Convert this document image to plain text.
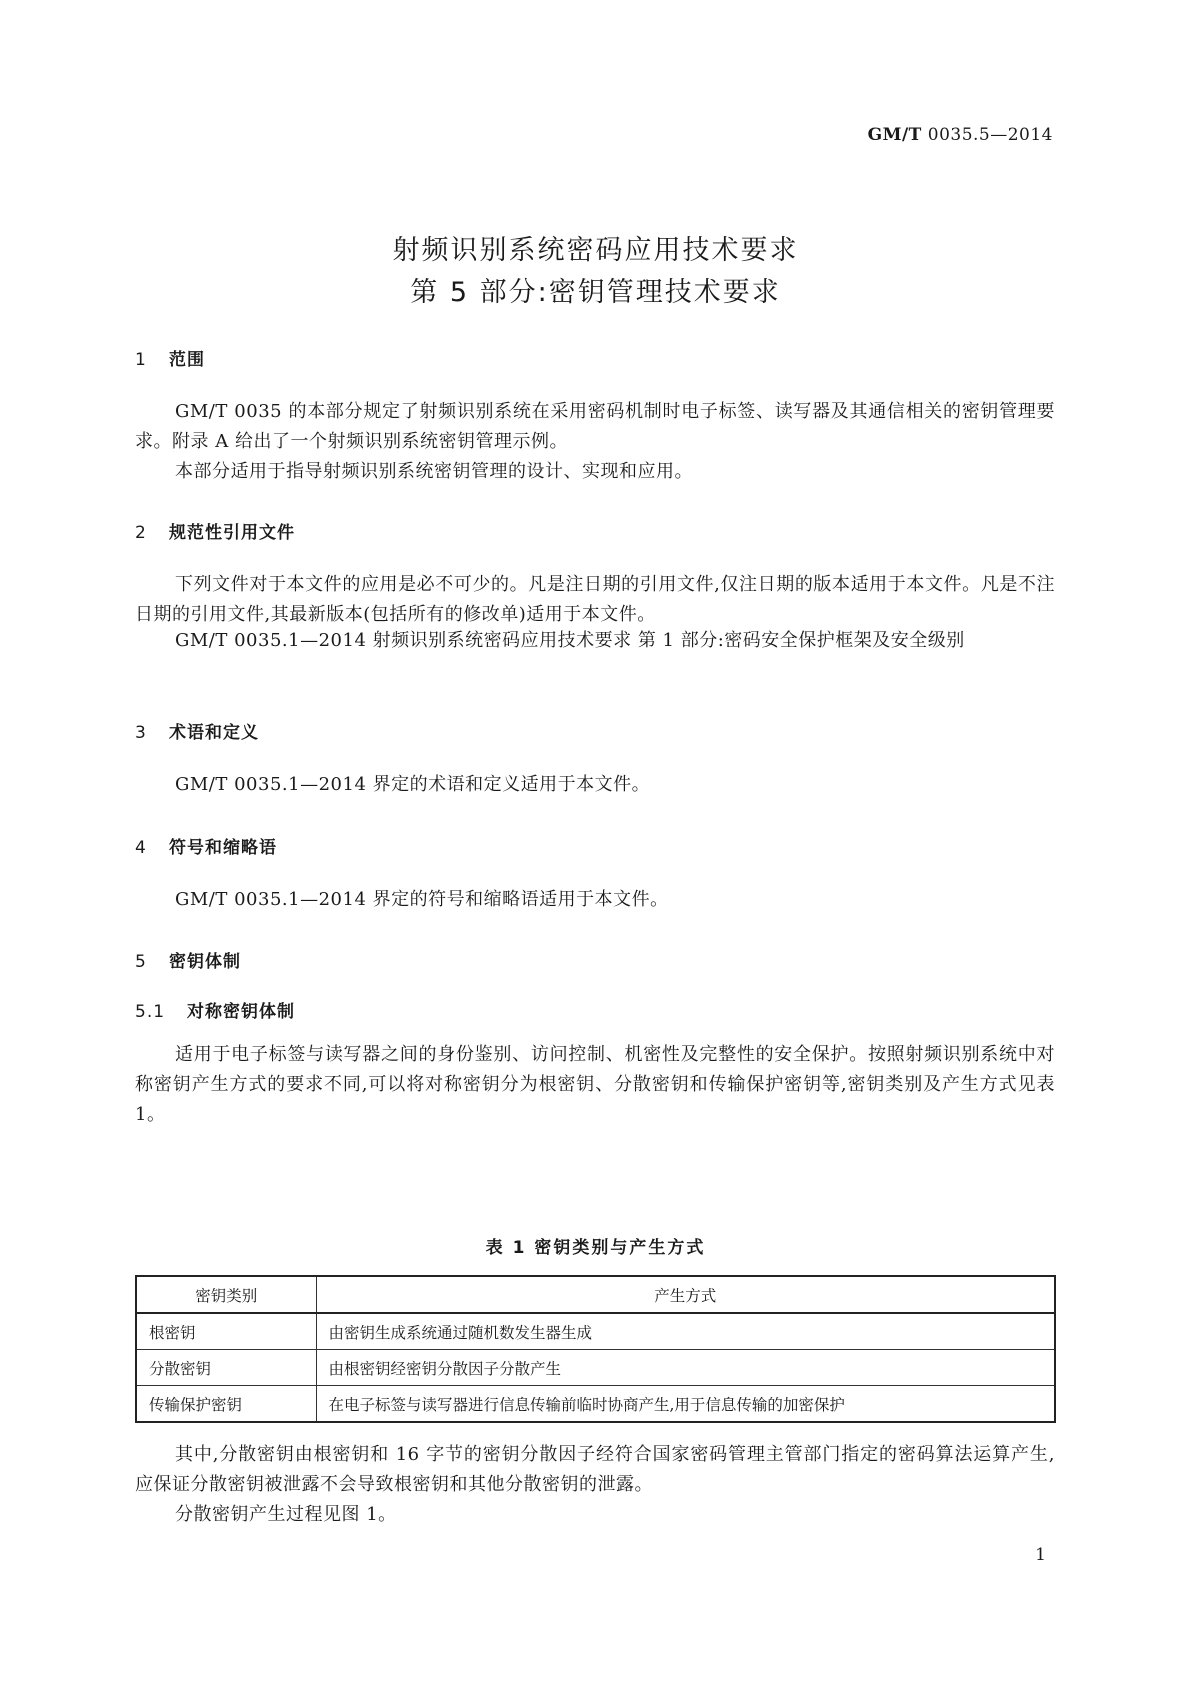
GM/T 0035.5—2014
射频识别系统密码应用技术要求
第 5 部分:密钥管理技术要求
1 范围

GM/T 0035 的本部分规定了射频识别系统在采用密码机制时电子标签、读写器及其通信相关的密钥管理要求。附录 A 给出了一个射频识别系统密钥管理示例。

本部分适用于指导射频识别系统密钥管理的设计、实现和应用。

2 规范性引用文件

下列文件对于本文件的应用是必不可少的。凡是注日期的引用文件,仅注日期的版本适用于本文件。凡是不注日期的引用文件,其最新版本(包括所有的修改单)适用于本文件。

GM/T 0035.1—2014 射频识别系统密码应用技术要求 第 1 部分:密码安全保护框架及安全级别

3 术语和定义

GM/T 0035.1—2014 界定的术语和定义适用于本文件。

4 符号和缩略语

GM/T 0035.1—2014 界定的符号和缩略语适用于本文件。

5 密钥体制
5.1 对称密钥体制

适用于电子标签与读写器之间的身份鉴别、访问控制、机密性及完整性的安全保护。按照射频识别系统中对称密钥产生方式的要求不同,可以将对称密钥分为根密钥、分散密钥和传输保护密钥等,密钥类别及产生方式见表 1。

表 1 密钥类别与产生方式
密钥类别	产生方式
根密钥	由密钥生成系统通过随机数发生器生成
分散密钥	由根密钥经密钥分散因子分散产生
传输保护密钥	在电子标签与读写器进行信息传输前临时协商产生,用于信息传输的加密保护

其中,分散密钥由根密钥和 16 字节的密钥分散因子经符合国家密码管理主管部门指定的密码算法运算产生,应保证分散密钥被泄露不会导致根密钥和其他分散密钥的泄露。

分散密钥产生过程见图 1。

1
